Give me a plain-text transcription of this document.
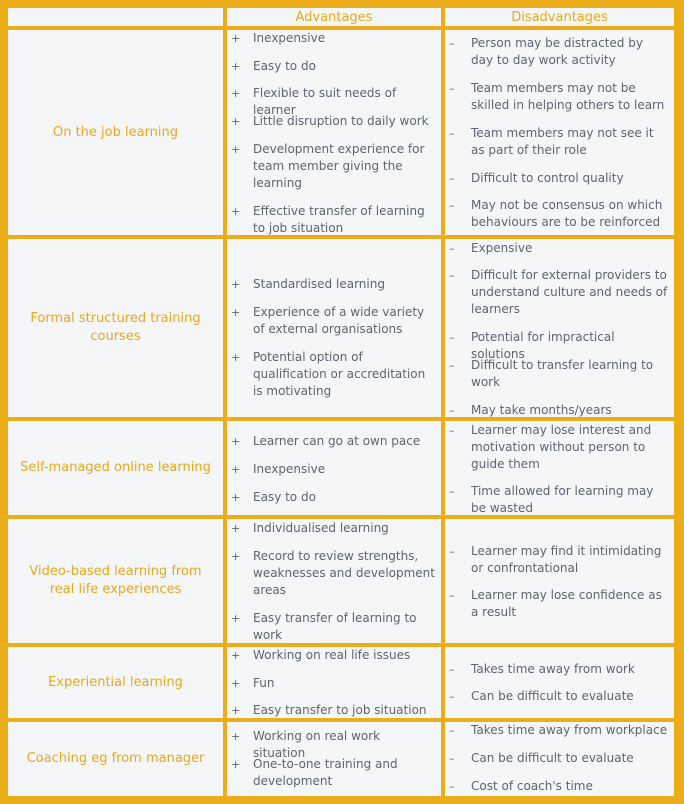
Advantages	Disadvantages
On the job learning
+	Inexpensive
+	Easy to do
+	Flexible to suit needs of learner
+	Little disruption to daily work
+	Development experience for team member giving the learning
+	Effective transfer of learning to job situation
–	Person may be distracted by day to day work activity
–	Team members may not be skilled in helping others to learn
–	Team members may not see it as part of their role
–	Difficult to control quality
–	May not be consensus on which behaviours are to be reinforced
Formal structured training courses
+	Standardised learning
+	Experience of a wide variety of external organisations
+	Potential option of qualification or accreditation is motivating
–	Expensive
–	Difficult for external providers to understand culture and needs of learners
–	Potential for impractical solutions
–	Difficult to transfer learning to work
–	May take months/years
Self-managed online learning
+	Learner can go at own pace
+	Inexpensive
+	Easy to do
–	Learner may lose interest and motivation without person to guide them
–	Time allowed for learning may be wasted
Video-based learning from real life experiences
+	Individualised learning
+	Record to review strengths, weaknesses and development areas
+	Easy transfer of learning to work
–	Learner may find it intimidating or confrontational
–	Learner may lose confidence as a result
Experiential learning
+	Working on real life issues
+	Fun
+	Easy transfer to job situation
–	Takes time away from work
–	Can be difficult to evaluate
Coaching eg from manager
+	Working on real work situation
+	One-to-one training and development
–	Takes time away from workplace
–	Can be difficult to evaluate
–	Cost of coach's time
